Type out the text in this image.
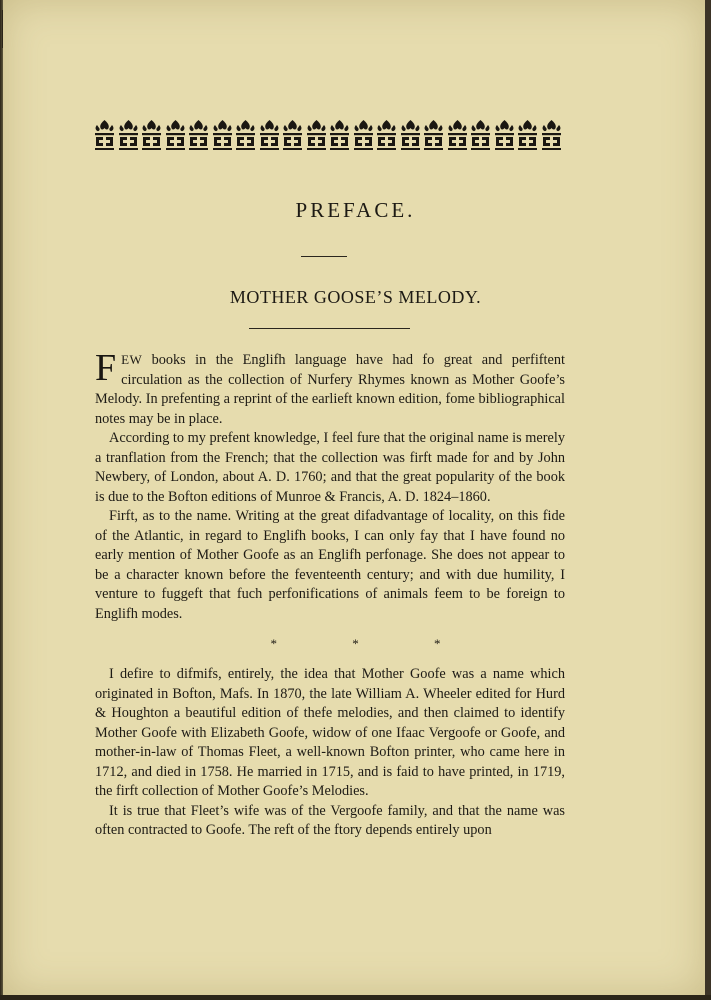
PREFACE.
MOTHER GOOSE’S MELODY.

FEW books in the Englifh language have had fo great and perfiftent circulation as the collection of Nurfery Rhymes known as Mother Goofe’s Melody. In prefenting a reprint of the earlieft known edition, fome bibliographical notes may be in place.

According to my prefent knowledge, I feel fure that the original name is merely a tranflation from the French; that the collection was firft made for and by John Newbery, of London, about A. D. 1760; and that the great popularity of the book is due to the Bofton editions of Munroe & Francis, A. D. 1824–1860.

Firft, as to the name. Writing at the great difadvantage of locality, on this fide of the Atlantic, in regard to Englifh books, I can only fay that I have found no early mention of Mother Goofe as an Englifh perfonage. She does not appear to be a character known before the feventeenth century; and with due humility, I venture to fuggeft that fuch perfonifications of animals feem to be foreign to Englifh modes.

* * *

I defire to difmifs, entirely, the idea that Mother Goofe was a name which originated in Bofton, Mafs. In 1870, the late William A. Wheeler edited for Hurd & Houghton a beautiful edition of thefe melodies, and then claimed to identify Mother Goofe with Elizabeth Goofe, widow of one Ifaac Vergoofe or Goofe, and mother-in-law of Thomas Fleet, a well-known Bofton printer, who came here in 1712, and died in 1758. He married in 1715, and is faid to have printed, in 1719, the firft collection of Mother Goofe’s Melodies.

It is true that Fleet’s wife was of the Vergoofe family, and that the name was often contracted to Goofe. The reft of the ftory depends entirely upon
